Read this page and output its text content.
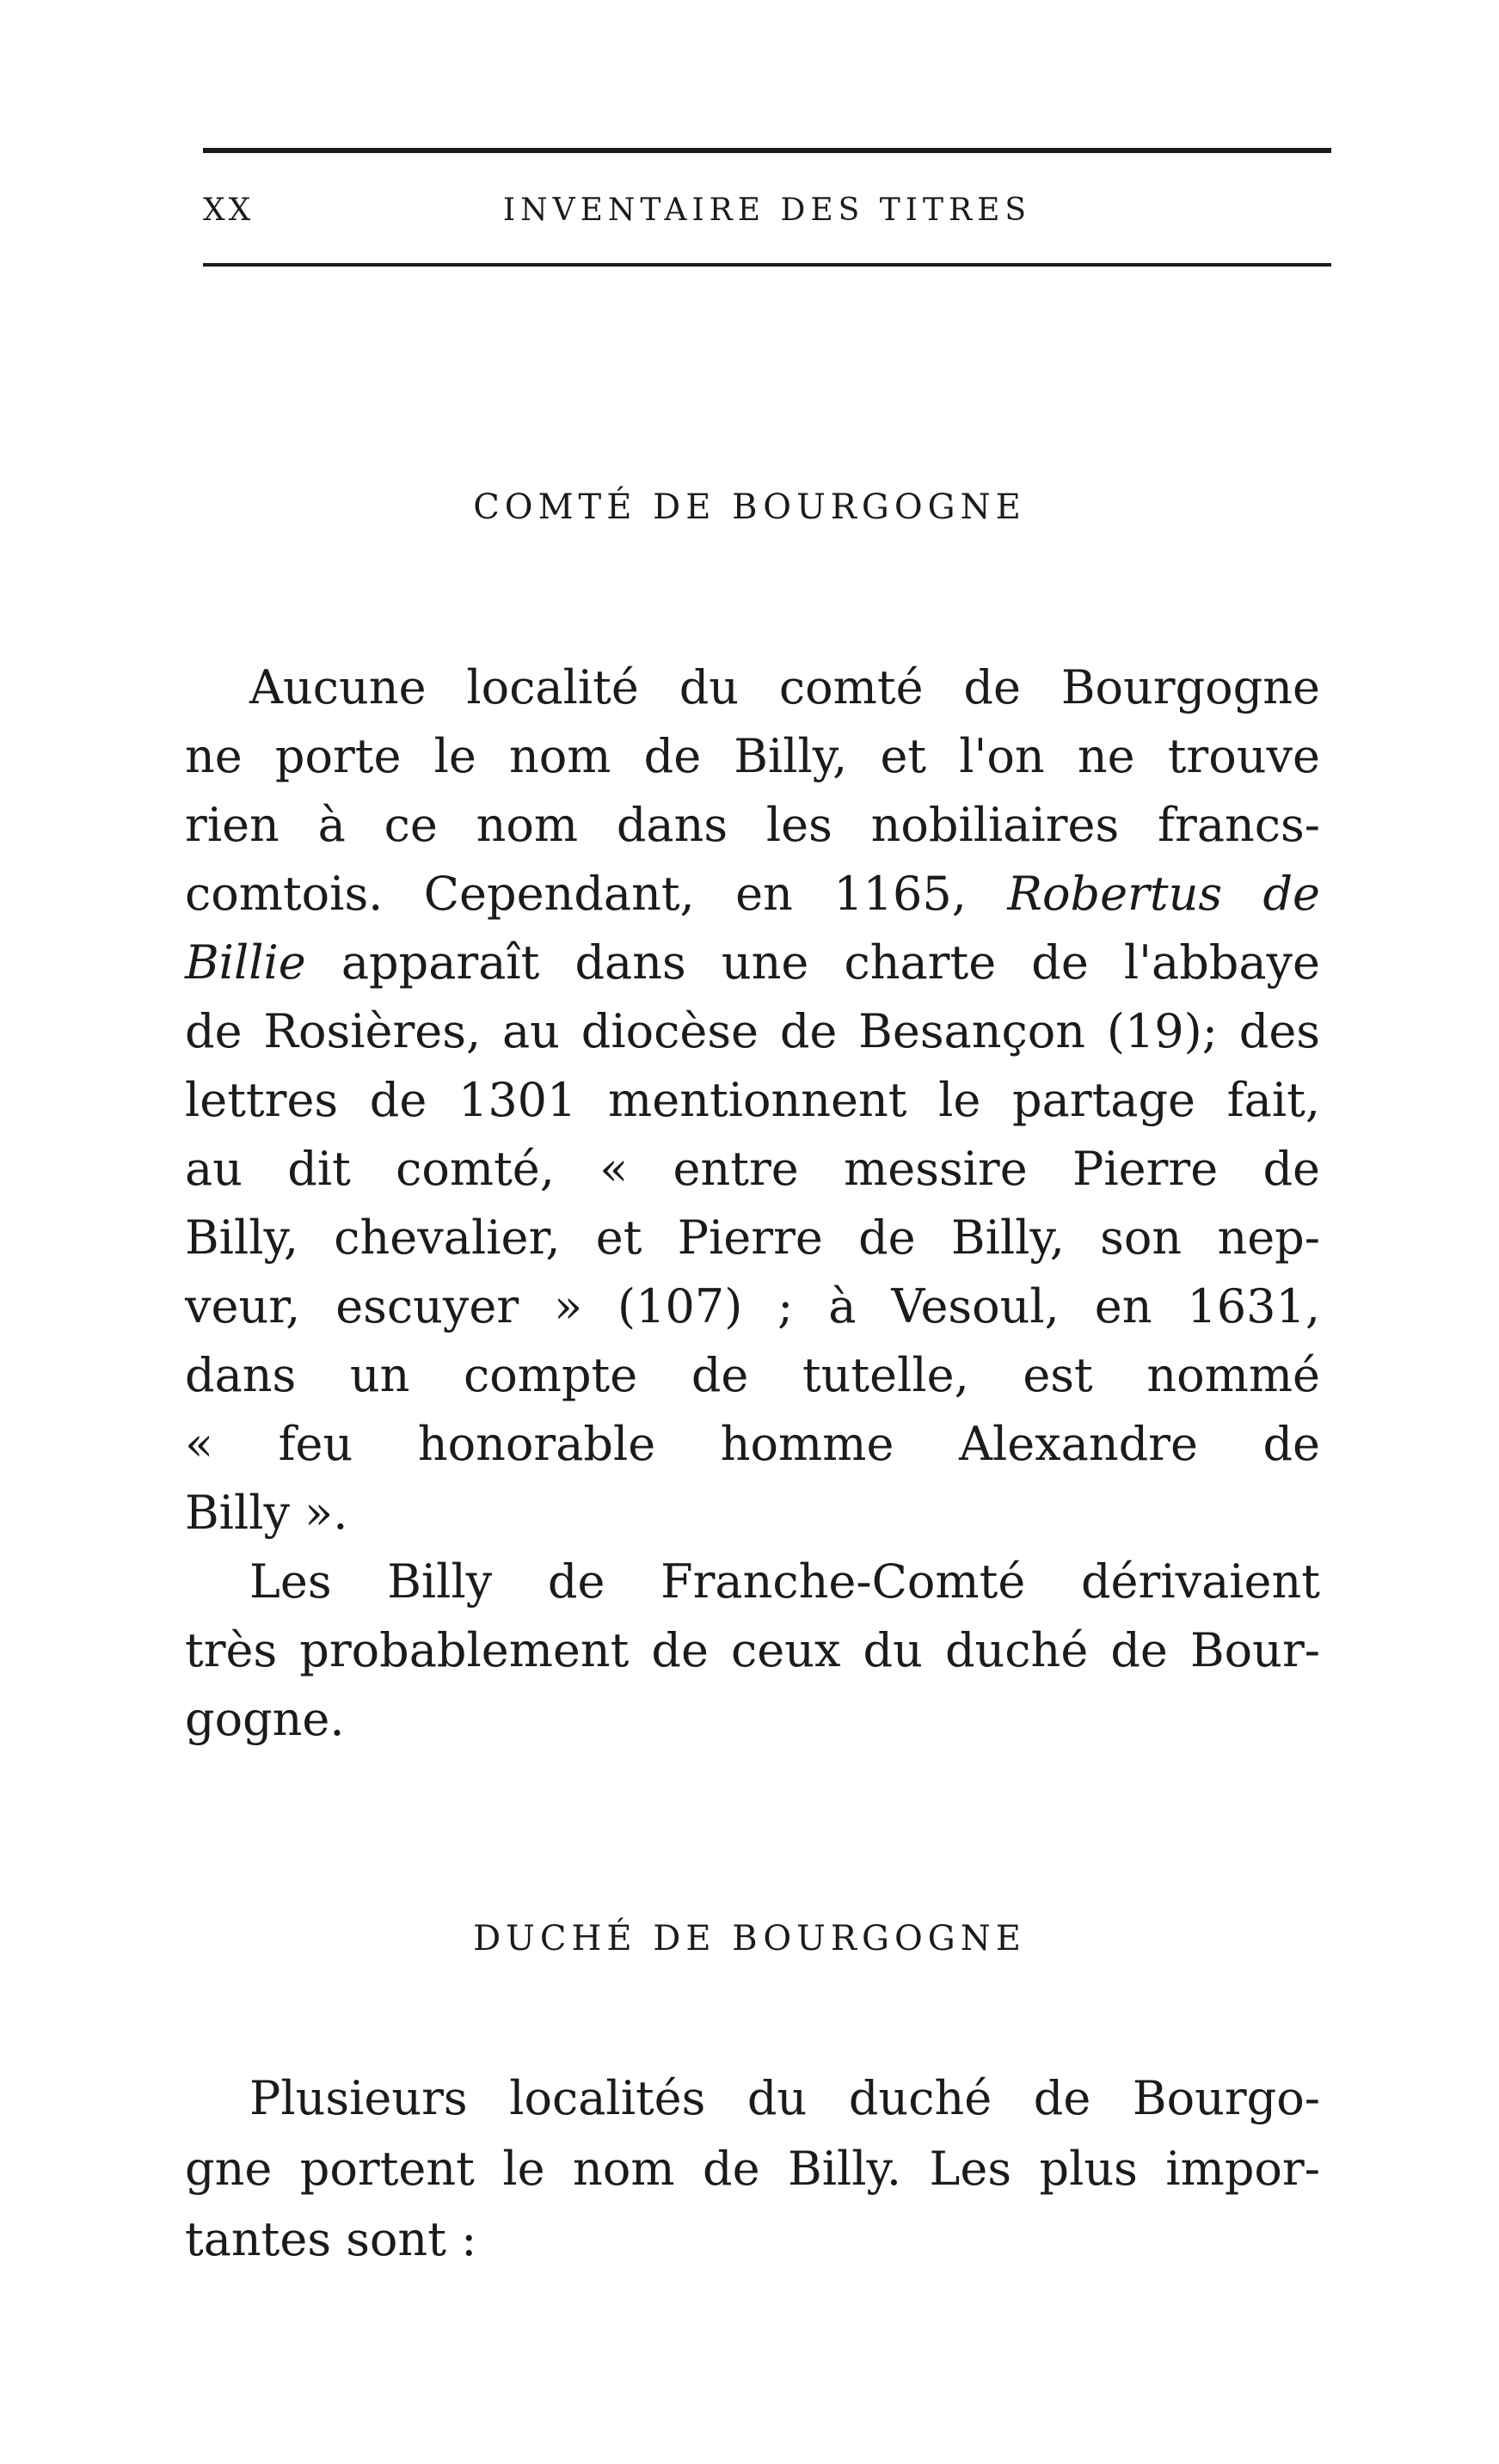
XX	INVENTAIRE DES TITRES
COMTÉ DE BOURGOGNE
Aucune localité du comté de Bourgogne
ne porte le nom de Billy, et l'on ne trouve
rien à ce nom dans les nobiliaires francs-
comtois. Cependant, en 1165, Robertus de
Billie apparaît dans une charte de l'abbaye
de Rosières, au diocèse de Besançon (19); des
lettres de 1301 mentionnent le partage fait,
au dit comté, « entre messire Pierre de
Billy, chevalier, et Pierre de Billy, son nep-
veur, escuyer » (107) ; à Vesoul, en 1631,
dans un compte de tutelle, est nommé
« feu honorable homme Alexandre de
Billy ».
Les Billy de Franche-Comté dérivaient
très probablement de ceux du duché de Bour-
gogne.
DUCHÉ DE BOURGOGNE
Plusieurs localités du duché de Bourgo-
gne portent le nom de Billy. Les plus impor-
tantes sont :
